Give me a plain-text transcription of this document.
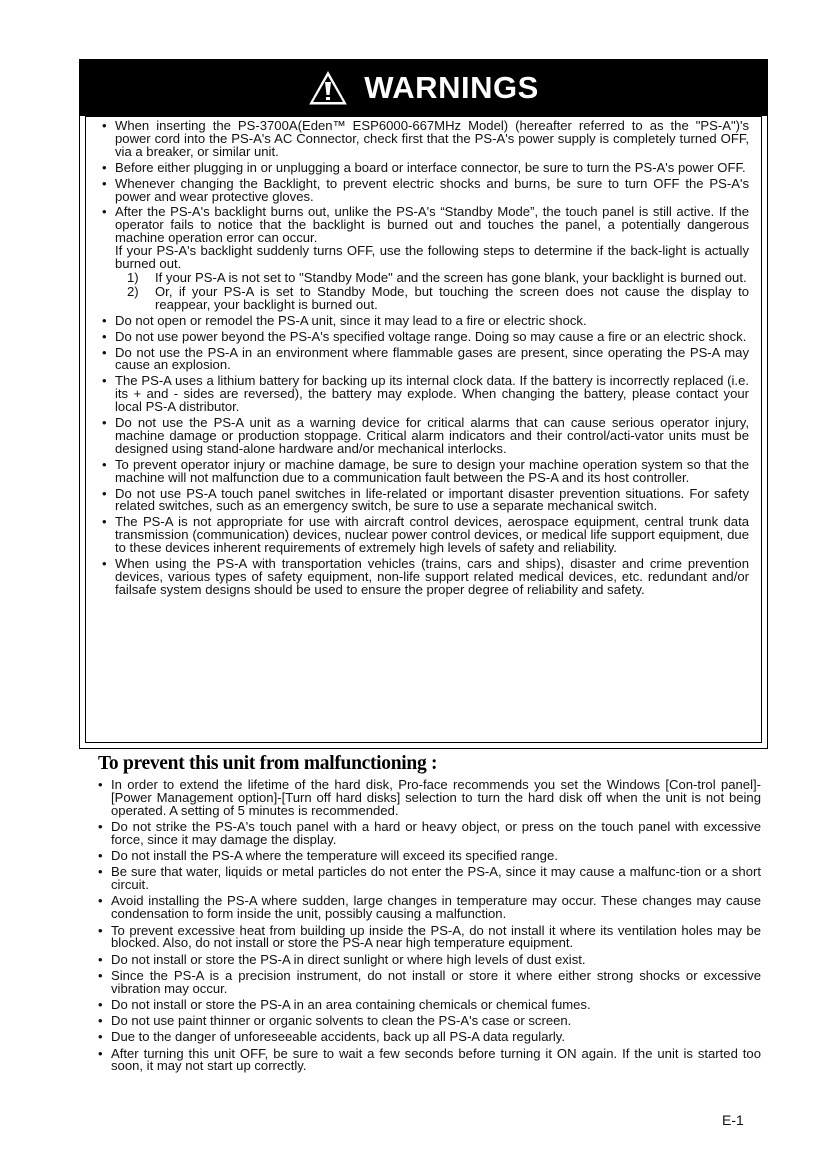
WARNINGS
• When inserting the PS-3700A(Eden™ ESP6000-667MHz Model) (hereafter referred to as the "PS-A")'s power cord into the PS-A's AC Connector, check first that the PS-A's power supply is completely turned OFF, via a breaker, or similar unit.
• Before either plugging in or unplugging a board or interface connector, be sure to turn the PS-A's power OFF.
• Whenever changing the Backlight, to prevent electric shocks and burns, be sure to turn OFF the PS-A's power and wear protective gloves.
• After the PS-A's backlight burns out, unlike the PS-A's “Standby Mode”, the touch panel is still active. If the operator fails to notice that the backlight is burned out and touches the panel, a potentially dangerous machine operation error can occur.

If your PS-A's backlight suddenly turns OFF, use the following steps to determine if the back-light is actually burned out.

1) If your PS-A is not set to "Standby Mode" and the screen has gone blank, your backlight is burned out.
2) Or, if your PS-A is set to Standby Mode, but touching the screen does not cause the display to reappear, your backlight is burned out.
• Do not open or remodel the PS-A unit, since it may lead to a fire or electric shock.
• Do not use power beyond the PS-A's specified voltage range. Doing so may cause a fire or an electric shock.
• Do not use the PS-A in an environment where flammable gases are present, since operating the PS-A may cause an explosion.
• The PS-A uses a lithium battery for backing up its internal clock data. If the battery is incorrectly replaced (i.e. its + and - sides are reversed), the battery may explode. When changing the battery, please contact your local PS-A distributor.
• Do not use the PS-A unit as a warning device for critical alarms that can cause serious operator injury, machine damage or production stoppage. Critical alarm indicators and their control/acti-vator units must be designed using stand-alone hardware and/or mechanical interlocks.
• To prevent operator injury or machine damage, be sure to design your machine operation system so that the machine will not malfunction due to a communication fault between the PS-A and its host controller.
• Do not use PS-A touch panel switches in life-related or important disaster prevention situations. For safety related switches, such as an emergency switch, be sure to use a separate mechanical switch.
• The PS-A is not appropriate for use with aircraft control devices, aerospace equipment, central trunk data transmission (communication) devices, nuclear power control devices, or medical life support equipment, due to these devices inherent requirements of extremely high levels of safety and reliability.
• When using the PS-A with transportation vehicles (trains, cars and ships), disaster and crime prevention devices, various types of safety equipment, non-life support related medical devices, etc. redundant and/or failsafe system designs should be used to ensure the proper degree of reliability and safety.
To prevent this unit from malfunctioning :
• In order to extend the lifetime of the hard disk, Pro-face recommends you set the Windows [Con-trol panel]-[Power Management option]-[Turn off hard disks] selection to turn the hard disk off when the unit is not being operated. A setting of 5 minutes is recommended.
• Do not strike the PS-A's touch panel with a hard or heavy object, or press on the touch panel with excessive force, since it may damage the display.
• Do not install the PS-A where the temperature will exceed its specified range.
• Be sure that water, liquids or metal particles do not enter the PS-A, since it may cause a malfunc-tion or a short circuit.
• Avoid installing the PS-A where sudden, large changes in temperature may occur. These changes may cause condensation to form inside the unit, possibly causing a malfunction.
• To prevent excessive heat from building up inside the PS-A, do not install it where its ventilation holes may be blocked. Also, do not install or store the PS-A near high temperature equipment.
• Do not install or store the PS-A in direct sunlight or where high levels of dust exist.
• Since the PS-A is a precision instrument, do not install or store it where either strong shocks or excessive vibration may occur.
• Do not install or store the PS-A in an area containing chemicals or chemical fumes.
• Do not use paint thinner or organic solvents to clean the PS-A's case or screen.
• Due to the danger of unforeseeable accidents, back up all PS-A data regularly.
• After turning this unit OFF, be sure to wait a few seconds before turning it ON again. If the unit is started too soon, it may not start up correctly.
E-1
